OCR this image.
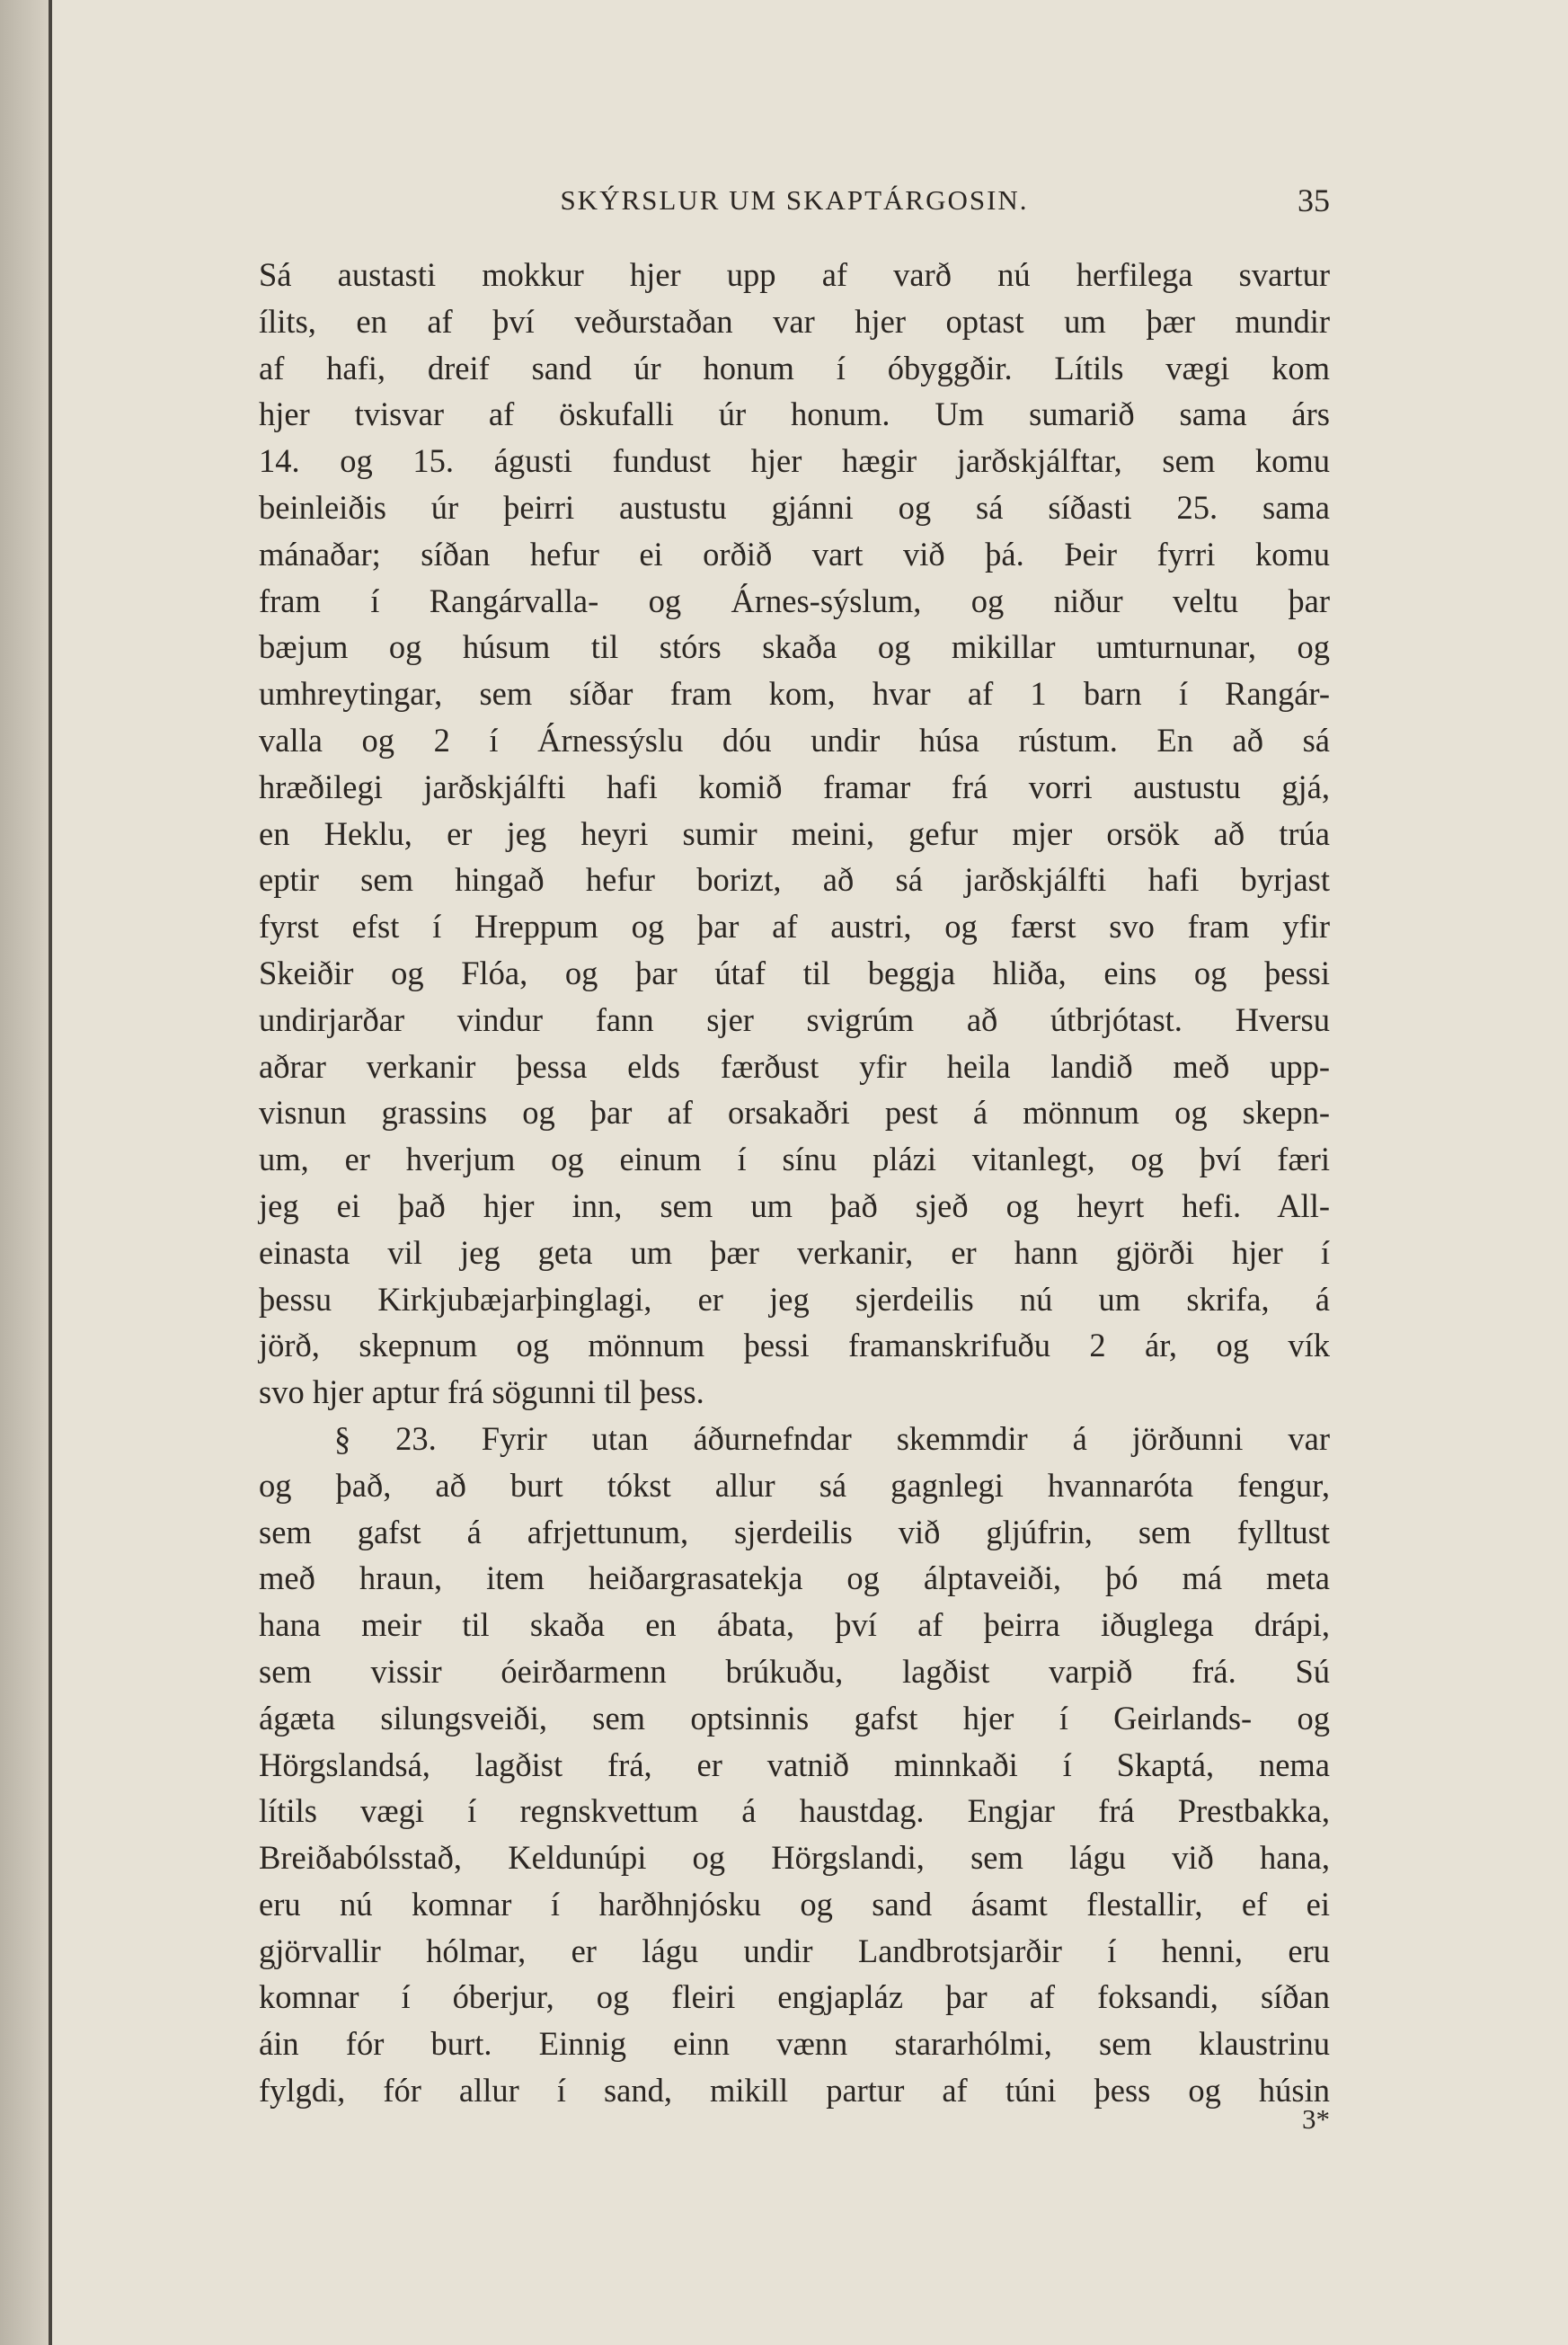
SKÝRSLUR UM SKAPTÁRGOSIN.	35
Sá austasti mokkur hjer upp af varð nú herfilega svartur
ílits, en af því veðurstaðan var hjer optast um þær mundir
af hafi, dreif sand úr honum í óbyggðir. Lítils vægi kom
hjer tvisvar af öskufalli úr honum. Um sumarið sama árs
14. og 15. águsti fundust hjer hægir jarðskjálftar, sem komu
beinleiðis úr þeirri austustu gjánni og sá síðasti 25. sama
mánaðar; síðan hefur ei orðið vart við þá. Þeir fyrri komu
fram í Rangárvalla- og Árnes-sýslum, og niður veltu þar
bæjum og húsum til stórs skaða og mikillar umturnunar, og
umhreytingar, sem síðar fram kom, hvar af 1 barn í Rangár-
valla og 2 í Árnessýslu dóu undir húsa rústum. En að sá
hræðilegi jarðskjálfti hafi komið framar frá vorri austustu gjá,
en Heklu, er jeg heyri sumir meini, gefur mjer orsök að trúa
eptir sem hingað hefur borizt, að sá jarðskjálfti hafi byrjast
fyrst efst í Hreppum og þar af austri, og færst svo fram yfir
Skeiðir og Flóa, og þar útaf til beggja hliða, eins og þessi
undirjarðar vindur fann sjer svigrúm að útbrjótast. Hversu
aðrar verkanir þessa elds færðust yfir heila landið með upp-
visnun grassins og þar af orsakaðri pest á mönnum og skepn-
um, er hverjum og einum í sínu plázi vitanlegt, og því færi
jeg ei það hjer inn, sem um það sjeð og heyrt hefi. All-
einasta vil jeg geta um þær verkanir, er hann gjörði hjer í
þessu Kirkjubæjarþinglagi, er jeg sjerdeilis nú um skrifa, á
jörð, skepnum og mönnum þessi framanskrifuðu 2 ár, og vík
svo hjer aptur frá sögunni til þess.
§ 23. Fyrir utan áðurnefndar skemmdir á jörðunni var
og það, að burt tókst allur sá gagnlegi hvannaróta fengur,
sem gafst á afrjettunum, sjerdeilis við gljúfrin, sem fylltust
með hraun, item heiðargrasatekja og álptaveiði, þó má meta
hana meir til skaða en ábata, því af þeirra iðuglega drápi,
sem vissir óeirðarmenn brúkuðu, lagðist varpið frá. Sú
ágæta silungsveiði, sem optsinnis gafst hjer í Geirlands- og
Hörgslandsá, lagðist frá, er vatnið minnkaði í Skaptá, nema
lítils vægi í regnskvettum á haustdag. Engjar frá Prestbakka,
Breiðabólsstað, Keldunúpi og Hörgslandi, sem lágu við hana,
eru nú komnar í harðhnjósku og sand ásamt flestallir, ef ei
gjörvallir hólmar, er lágu undir Landbrotsjarðir í henni, eru
komnar í óberjur, og fleiri engjapláz þar af foksandi, síðan
áin fór burt. Einnig einn vænn stararhólmi, sem klaustrinu
fylgdi, fór allur í sand, mikill partur af túni þess og húsin
3*
